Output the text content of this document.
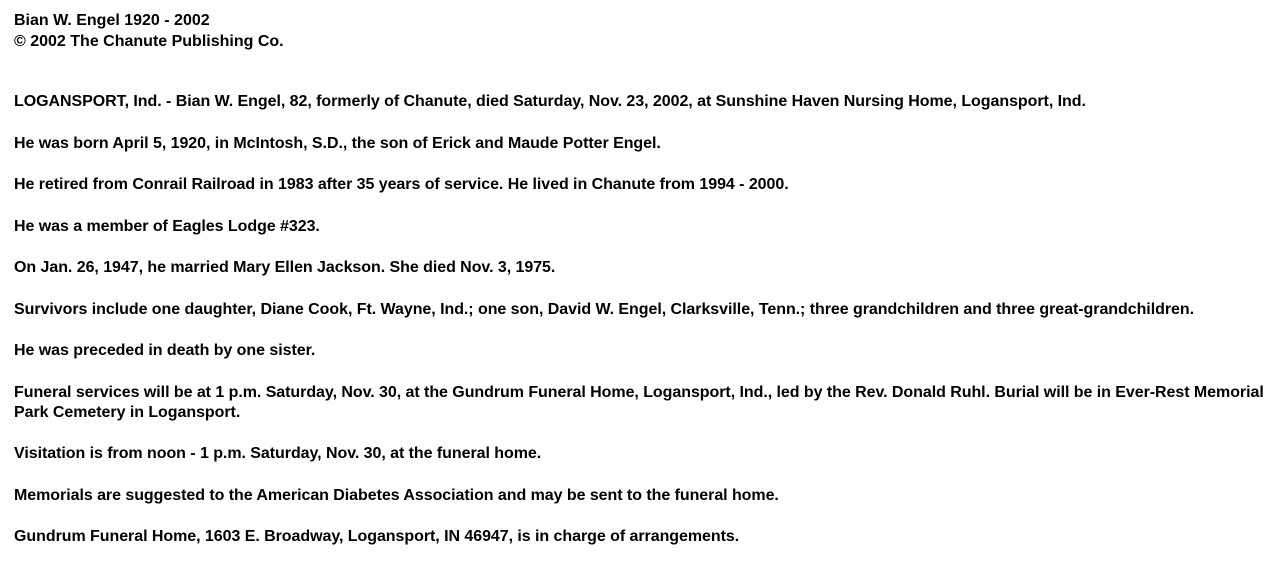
Bian W. Engel 1920 - 2002

© 2002 The Chanute Publishing Co.

LOGANSPORT, Ind. - Bian W. Engel, 82, formerly of Chanute, died Saturday, Nov. 23, 2002, at Sunshine Haven Nursing Home, Logansport, Ind.

He was born April 5, 1920, in McIntosh, S.D., the son of Erick and Maude Potter Engel.

He retired from Conrail Railroad in 1983 after 35 years of service. He lived in Chanute from 1994 - 2000.

He was a member of Eagles Lodge #323.

On Jan. 26, 1947, he married Mary Ellen Jackson. She died Nov. 3, 1975.

Survivors include one daughter, Diane Cook, Ft. Wayne, Ind.; one son, David W. Engel, Clarksville, Tenn.; three grandchildren and three great-grandchildren.

He was preceded in death by one sister.

Funeral services will be at 1 p.m. Saturday, Nov. 30, at the Gundrum Funeral Home, Logansport, Ind., led by the Rev. Donald Ruhl. Burial will be in Ever-Rest Memorial Park Cemetery in Logansport.

Visitation is from noon - 1 p.m. Saturday, Nov. 30, at the funeral home.

Memorials are suggested to the American Diabetes Association and may be sent to the funeral home.

Gundrum Funeral Home, 1603 E. Broadway, Logansport, IN 46947, is in charge of arrangements.
